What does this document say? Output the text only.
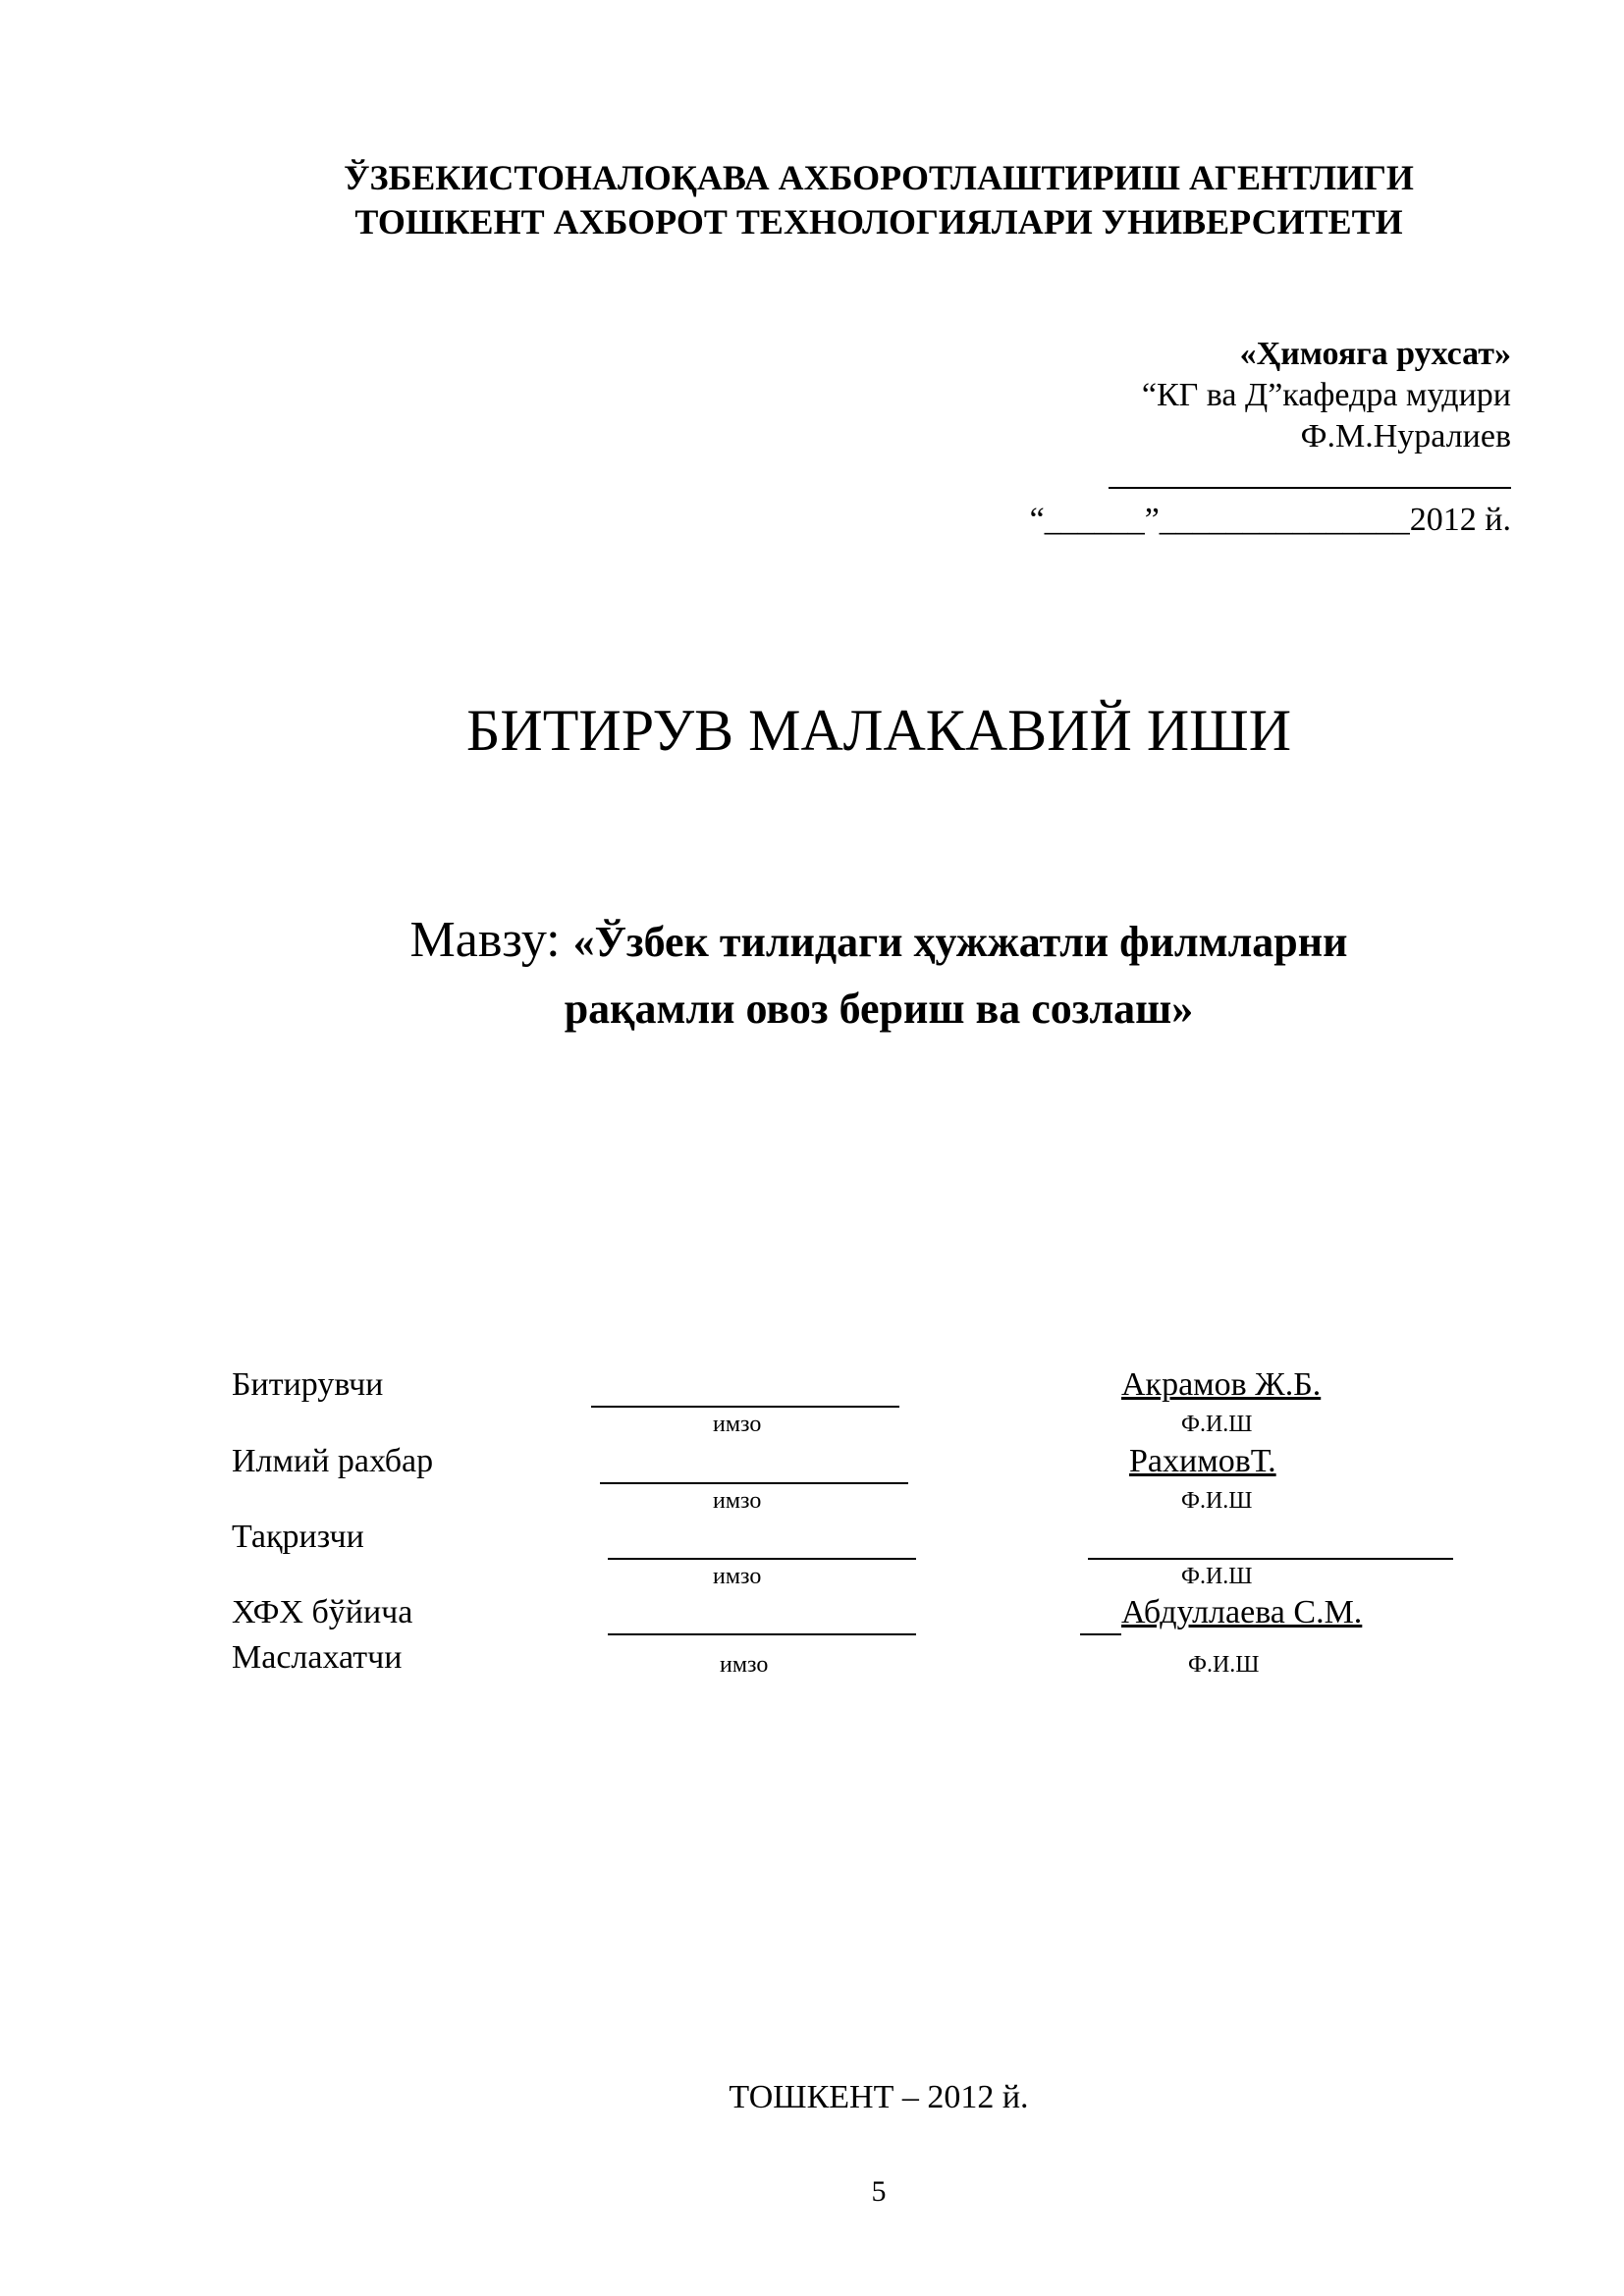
ЎЗБЕКИСТОНАЛОҚАВА АХБОРОТЛАШТИРИШ АГЕНТЛИГИ
ТОШКЕНТ АХБОРОТ ТЕХНОЛОГИЯЛАРИ УНИВЕРСИТЕТИ
«Ҳимояга рухсат»
“КГ ва Д”кафедра мудири
Ф.М.Нуралиев
“______”_______________2012 й.
БИТИРУВ МАЛАКАВИЙ ИШИ
Мавзу: «Ўзбек тилидаги ҳужжатли филмларни
рақамли овоз бериш ва созлаш»
Битирувчи
имзо
Акрамов Ж.Б.
Ф.И.Ш
Илмий рахбар
имзо
РахимовТ.
Ф.И.Ш
Тақризчи
имзо	Ф.И.Ш
ХФХ бўйича
Маслахатчи	имзо
Абдуллаева С.М.
Ф.И.Ш
ТОШКЕНТ – 2012 й.
5
